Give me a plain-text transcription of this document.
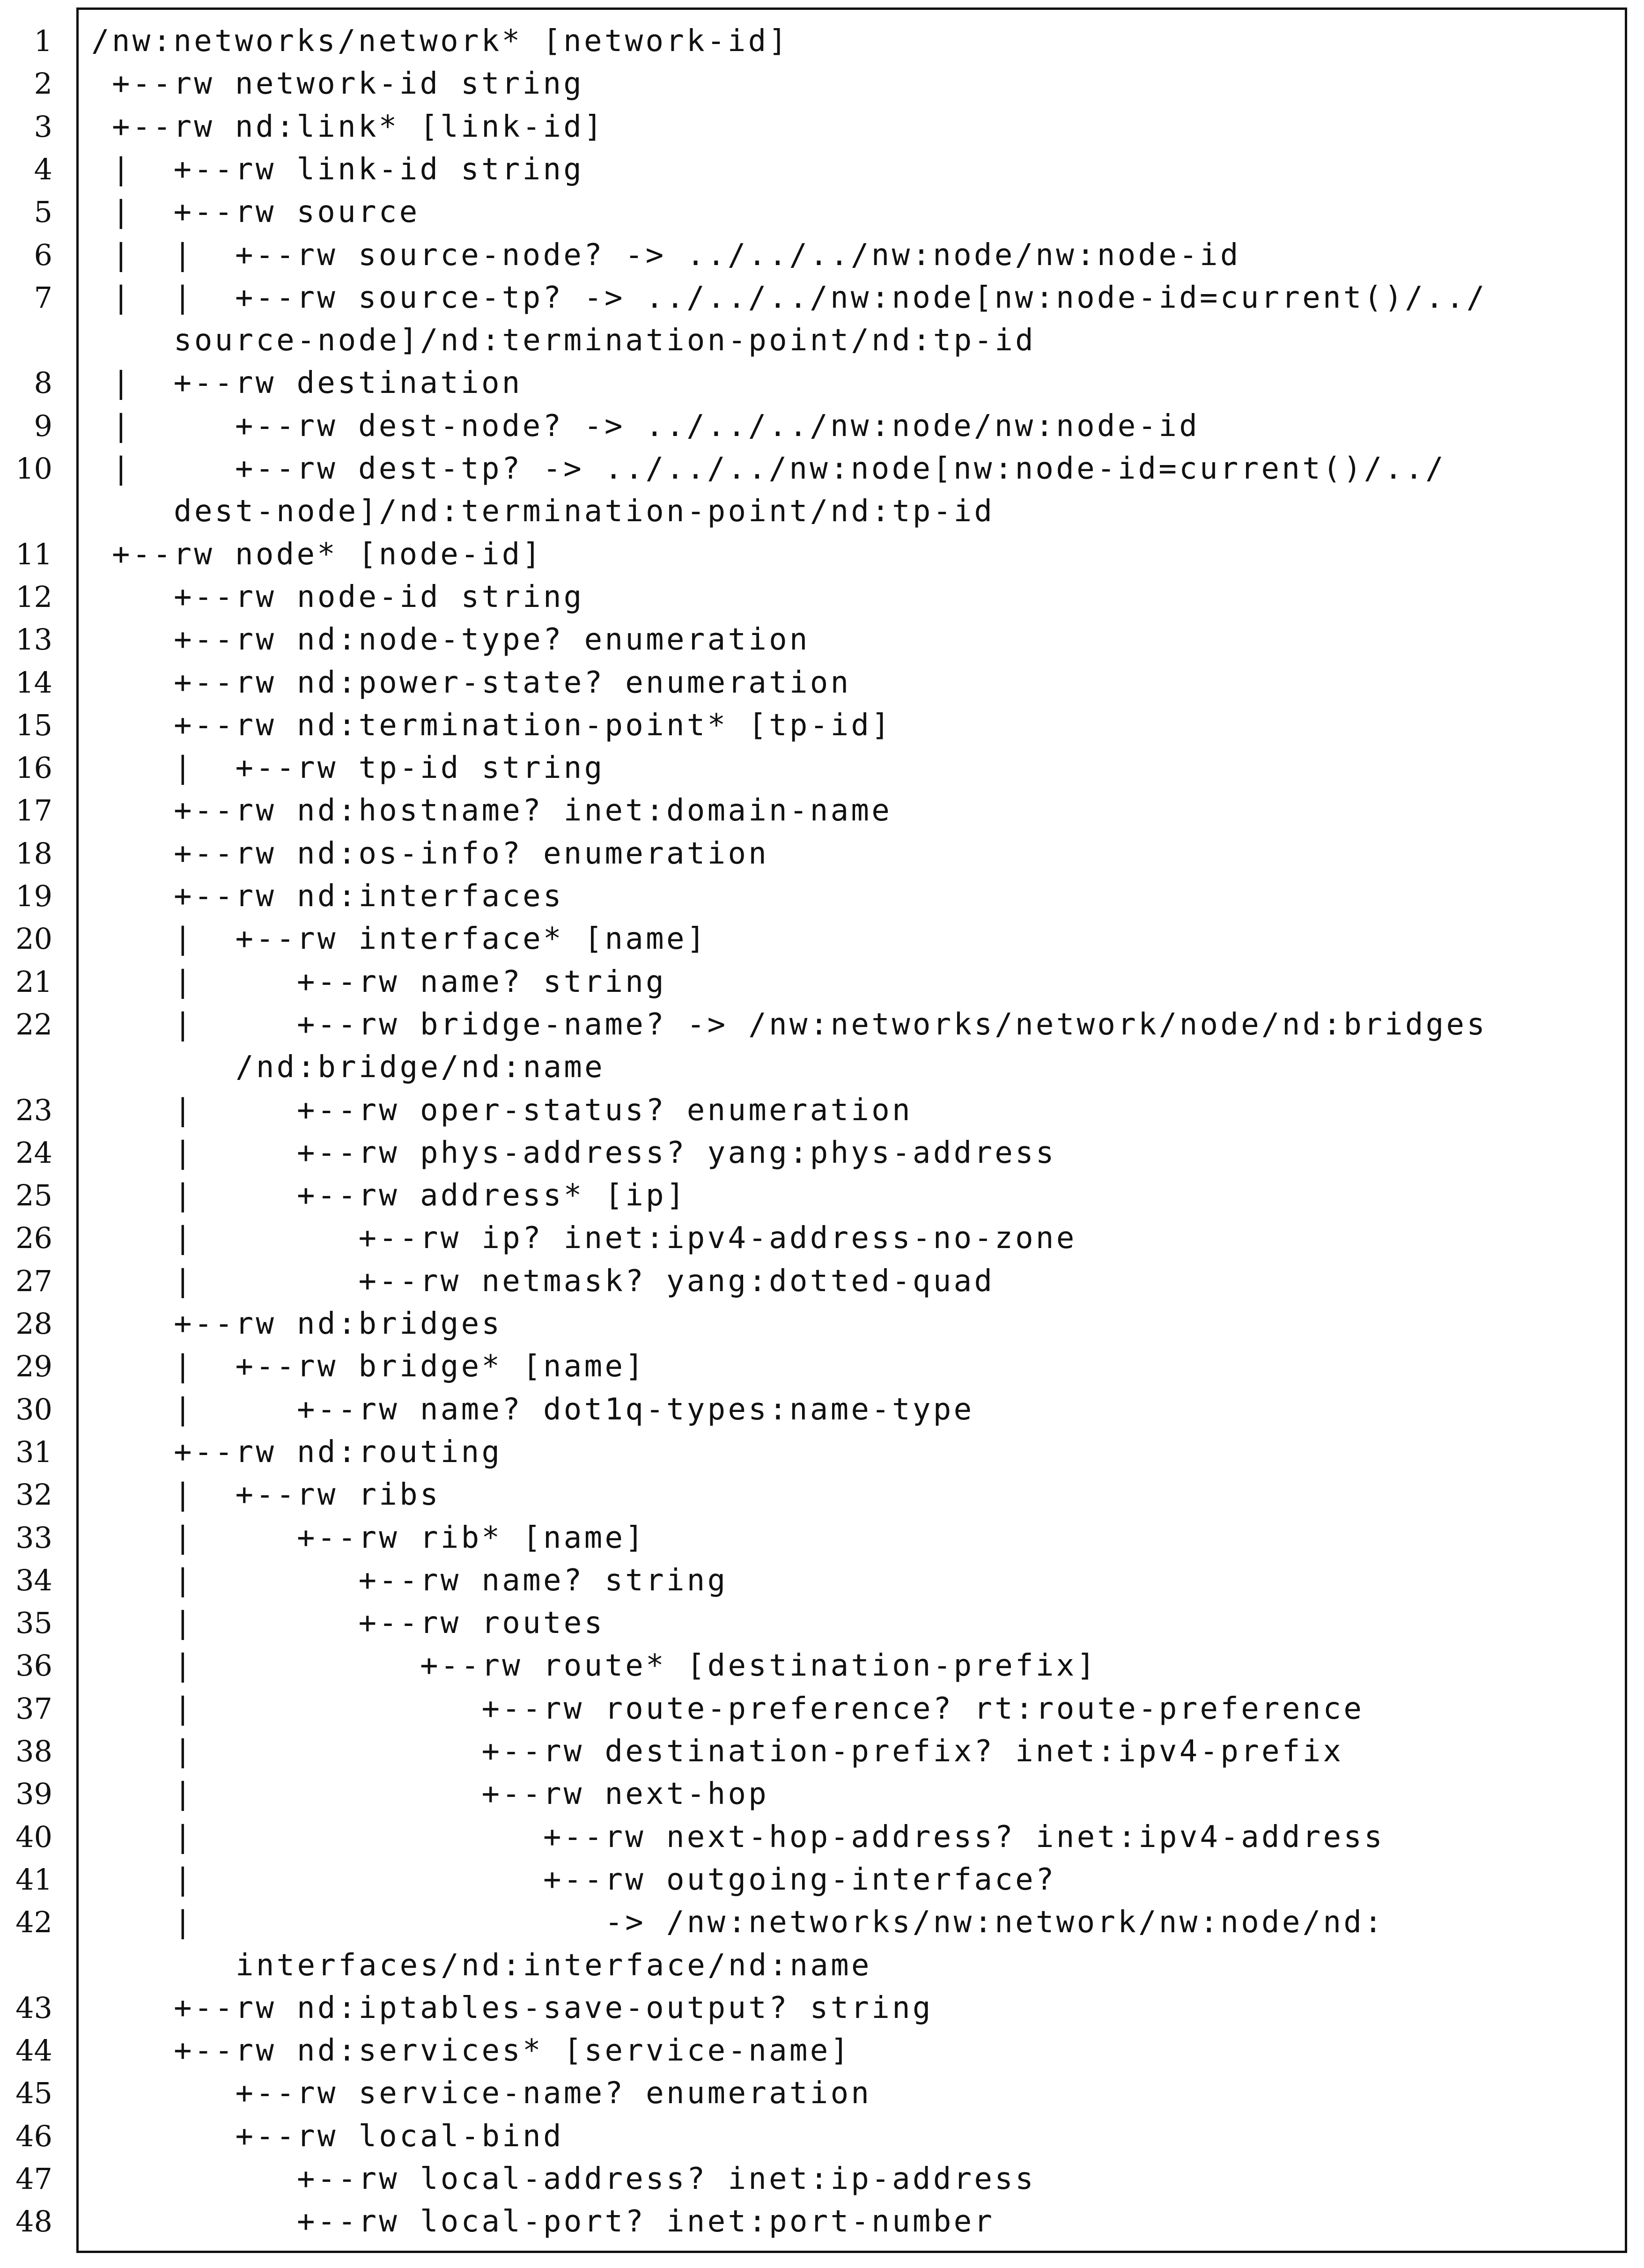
1 /nw:networks/network* [network-id]
2 +--rw network-id string
3 +--rw nd:link* [link-id]
4 |  +--rw link-id string
5 |  +--rw source
6 |  |  +--rw source-node? -> ../../../nw:node/nw:node-id
7 |  |  +--rw source-tp? -> ../../../nw:node[nw:node-id=current()/../
source-node]/nd:termination-point/nd:tp-id
8 |  +--rw destination
9 |     +--rw dest-node? -> ../../../nw:node/nw:node-id
10 |     +--rw dest-tp? -> ../../../nw:node[nw:node-id=current()/../
dest-node]/nd:termination-point/nd:tp-id
11 +--rw node* [node-id]
12	+--rw node-id string
13	+--rw nd:node-type? enumeration
14	+--rw nd:power-state? enumeration
15	+--rw nd:termination-point* [tp-id]
16	|  +--rw tp-id string
17	+--rw nd:hostname? inet:domain-name
18	+--rw nd:os-info? enumeration
19	+--rw nd:interfaces
20	|  +--rw interface* [name]
21	|     +--rw name? string
22	|     +--rw bridge-name? -> /nw:networks/network/node/nd:bridges
/nd:bridge/nd:name
23	|     +--rw oper-status? enumeration
24	|     +--rw phys-address? yang:phys-address
25	|     +--rw address* [ip]
26	|        +--rw ip? inet:ipv4-address-no-zone
27	|        +--rw netmask? yang:dotted-quad
28	+--rw nd:bridges
29	|  +--rw bridge* [name]
30	|     +--rw name? dot1q-types:name-type
31	+--rw nd:routing
32	|  +--rw ribs
33	|     +--rw rib* [name]
34	|        +--rw name? string
35	|        +--rw routes
36	|           +--rw route* [destination-prefix]
37	|              +--rw route-preference? rt:route-preference
38	|              +--rw destination-prefix? inet:ipv4-prefix
39	|              +--rw next-hop
40	|                 +--rw next-hop-address? inet:ipv4-address
41	|                 +--rw outgoing-interface?
42	|                    -> /nw:networks/nw:network/nw:node/nd:
interfaces/nd:interface/nd:name
43	+--rw nd:iptables-save-output? string
44	+--rw nd:services* [service-name]
45	+--rw service-name? enumeration
46	+--rw local-bind
47	+--rw local-address? inet:ip-address
48	+--rw local-port? inet:port-number
